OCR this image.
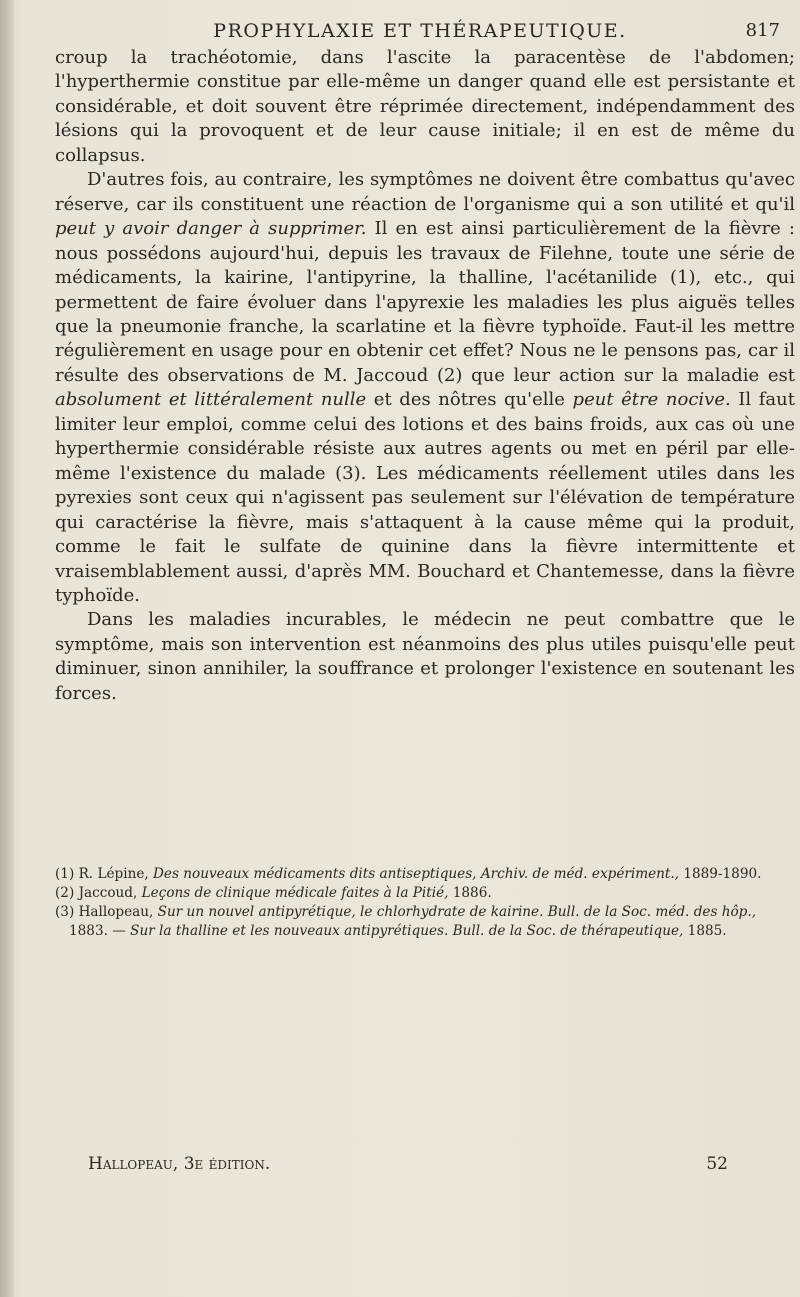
PROPHYLAXIE ET THÉRAPEUTIQUE.	817

croup la trachéotomie, dans l'ascite la paracentèse de l'abdomen; l'hyperthermie constitue par elle-même un danger quand elle est persistante et considérable, et doit souvent être réprimée directement, indépendamment des lésions qui la provoquent et de leur cause initiale; il en est de même du collapsus.

D'autres fois, au contraire, les symptômes ne doivent être combattus qu'avec réserve, car ils constituent une réaction de l'organisme qui a son utilité et qu'il peut y avoir danger à supprimer. Il en est ainsi particulièrement de la fièvre : nous possédons aujourd'hui, depuis les travaux de Filehne, toute une série de médicaments, la kairine, l'antipyrine, la thalline, l'acétanilide (1), etc., qui permettent de faire évoluer dans l'apyrexie les maladies les plus aiguës telles que la pneumonie franche, la scarlatine et la fièvre typhoïde. Faut-il les mettre régulièrement en usage pour en obtenir cet effet? Nous ne le pensons pas, car il résulte des observations de M. Jaccoud (2) que leur action sur la maladie est absolument et littéralement nulle et des nôtres qu'elle peut être nocive. Il faut limiter leur emploi, comme celui des lotions et des bains froids, aux cas où une hyperthermie considérable résiste aux autres agents ou met en péril par elle-même l'existence du malade (3). Les médicaments réellement utiles dans les pyrexies sont ceux qui n'agissent pas seulement sur l'élévation de température qui caractérise la fièvre, mais s'attaquent à la cause même qui la produit, comme le fait le sulfate de quinine dans la fièvre intermittente et vraisemblablement aussi, d'après MM. Bouchard et Chantemesse, dans la fièvre typhoïde.

Dans les maladies incurables, le médecin ne peut combattre que le symptôme, mais son intervention est néanmoins des plus utiles puisqu'elle peut diminuer, sinon annihiler, la souffrance et prolonger l'existence en soutenant les forces.

(1) R. Lépine, Des nouveaux médicaments dits antiseptiques, Archiv. de méd. expériment., 1889-1890.

(2) Jaccoud, Leçons de clinique médicale faites à la Pitié, 1886.

(3) Hallopeau, Sur un nouvel antipyrétique, le chlorhydrate de kairine. Bull. de la Soc. méd. des hôp., 1883. — Sur la thalline et les nouveaux antipyrétiques. Bull. de la Soc. de thérapeutique, 1885.

Hallopeau, 3e édition.	52
